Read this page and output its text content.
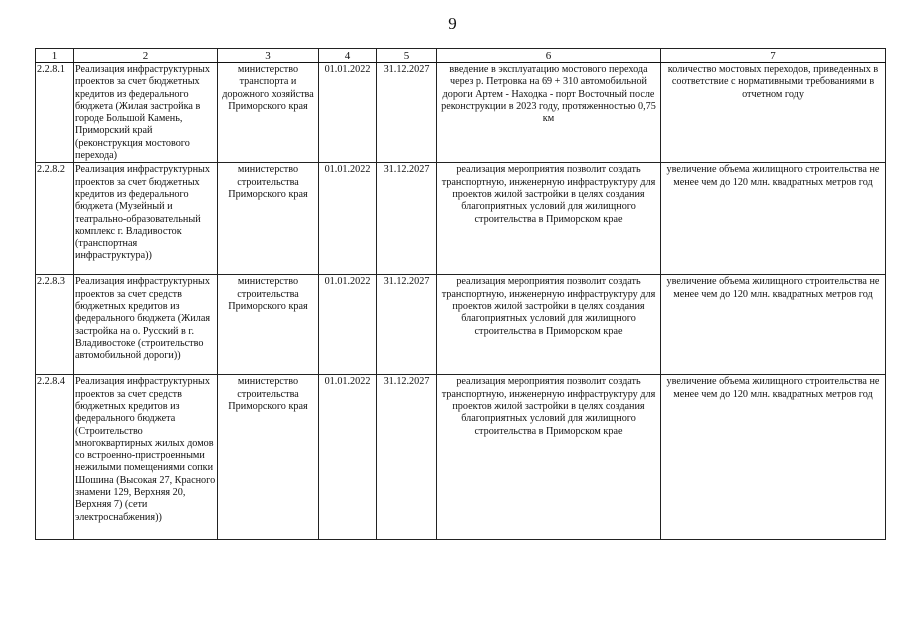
9
1	2	3	4	5	6	7
2.2.8.1	Реализация инфраструктурных проектов за счет бюджетных кредитов из федерального бюджета (Жилая застройка в городе Большой Камень, Приморский край (реконструкция мостового перехода)	министерство транспорта и дорожного хозяйства Приморского края	01.01.2022	31.12.2027	введение в эксплуатацию мостового перехода через р. Петровка на 69 + 310 автомобильной дороги Артем - Находка - порт Восточный после реконструкции в 2023 году, протяженностью 0,75 км	количество мостовых переходов, приведенных в соответствие с нормативными требованиями в отчетном году
2.2.8.2	Реализация инфраструктурных проектов за счет бюджетных кредитов из федерального бюджета (Музейный и театрально-образовательный комплекс г. Владивосток (транспортная инфраструктура))	министерство строительства Приморского края	01.01.2022	31.12.2027	реализация мероприятия позволит создать транспортную, инженерную инфраструктуру для проектов жилой застройки в целях создания благоприятных условий для жилищного строительства в Приморском крае	увеличение объема жилищного строительства не менее чем до 120 млн. квадратных метров год
2.2.8.3	Реализация инфраструктурных проектов за счет средств бюджетных кредитов из федерального бюджета (Жилая застройка на о. Русский в г. Владивостоке (строительство автомобильной дороги))	министерство строительства Приморского края	01.01.2022	31.12.2027	реализация мероприятия позволит создать транспортную, инженерную инфраструктуру для проектов жилой застройки в целях создания благоприятных условий для жилищного строительства в Приморском крае	увеличение объема жилищного строительства не менее чем до 120 млн. квадратных метров год
2.2.8.4	Реализация инфраструктурных проектов за счет средств бюджетных кредитов из федерального бюджета (Строительство многоквартирных жилых домов со встроенно-пристроенными нежилыми помещениями сопки Шошина (Высокая 27, Красного знамени 129, Верхняя 20, Верхняя 7) (сети электроснабжения))	министерство строительства Приморского края	01.01.2022	31.12.2027	реализация мероприятия позволит создать транспортную, инженерную инфраструктуру для проектов жилой застройки в целях создания благоприятных условий для жилищного строительства в Приморском крае	увеличение объема жилищного строительства не менее чем до 120 млн. квадратных метров год
